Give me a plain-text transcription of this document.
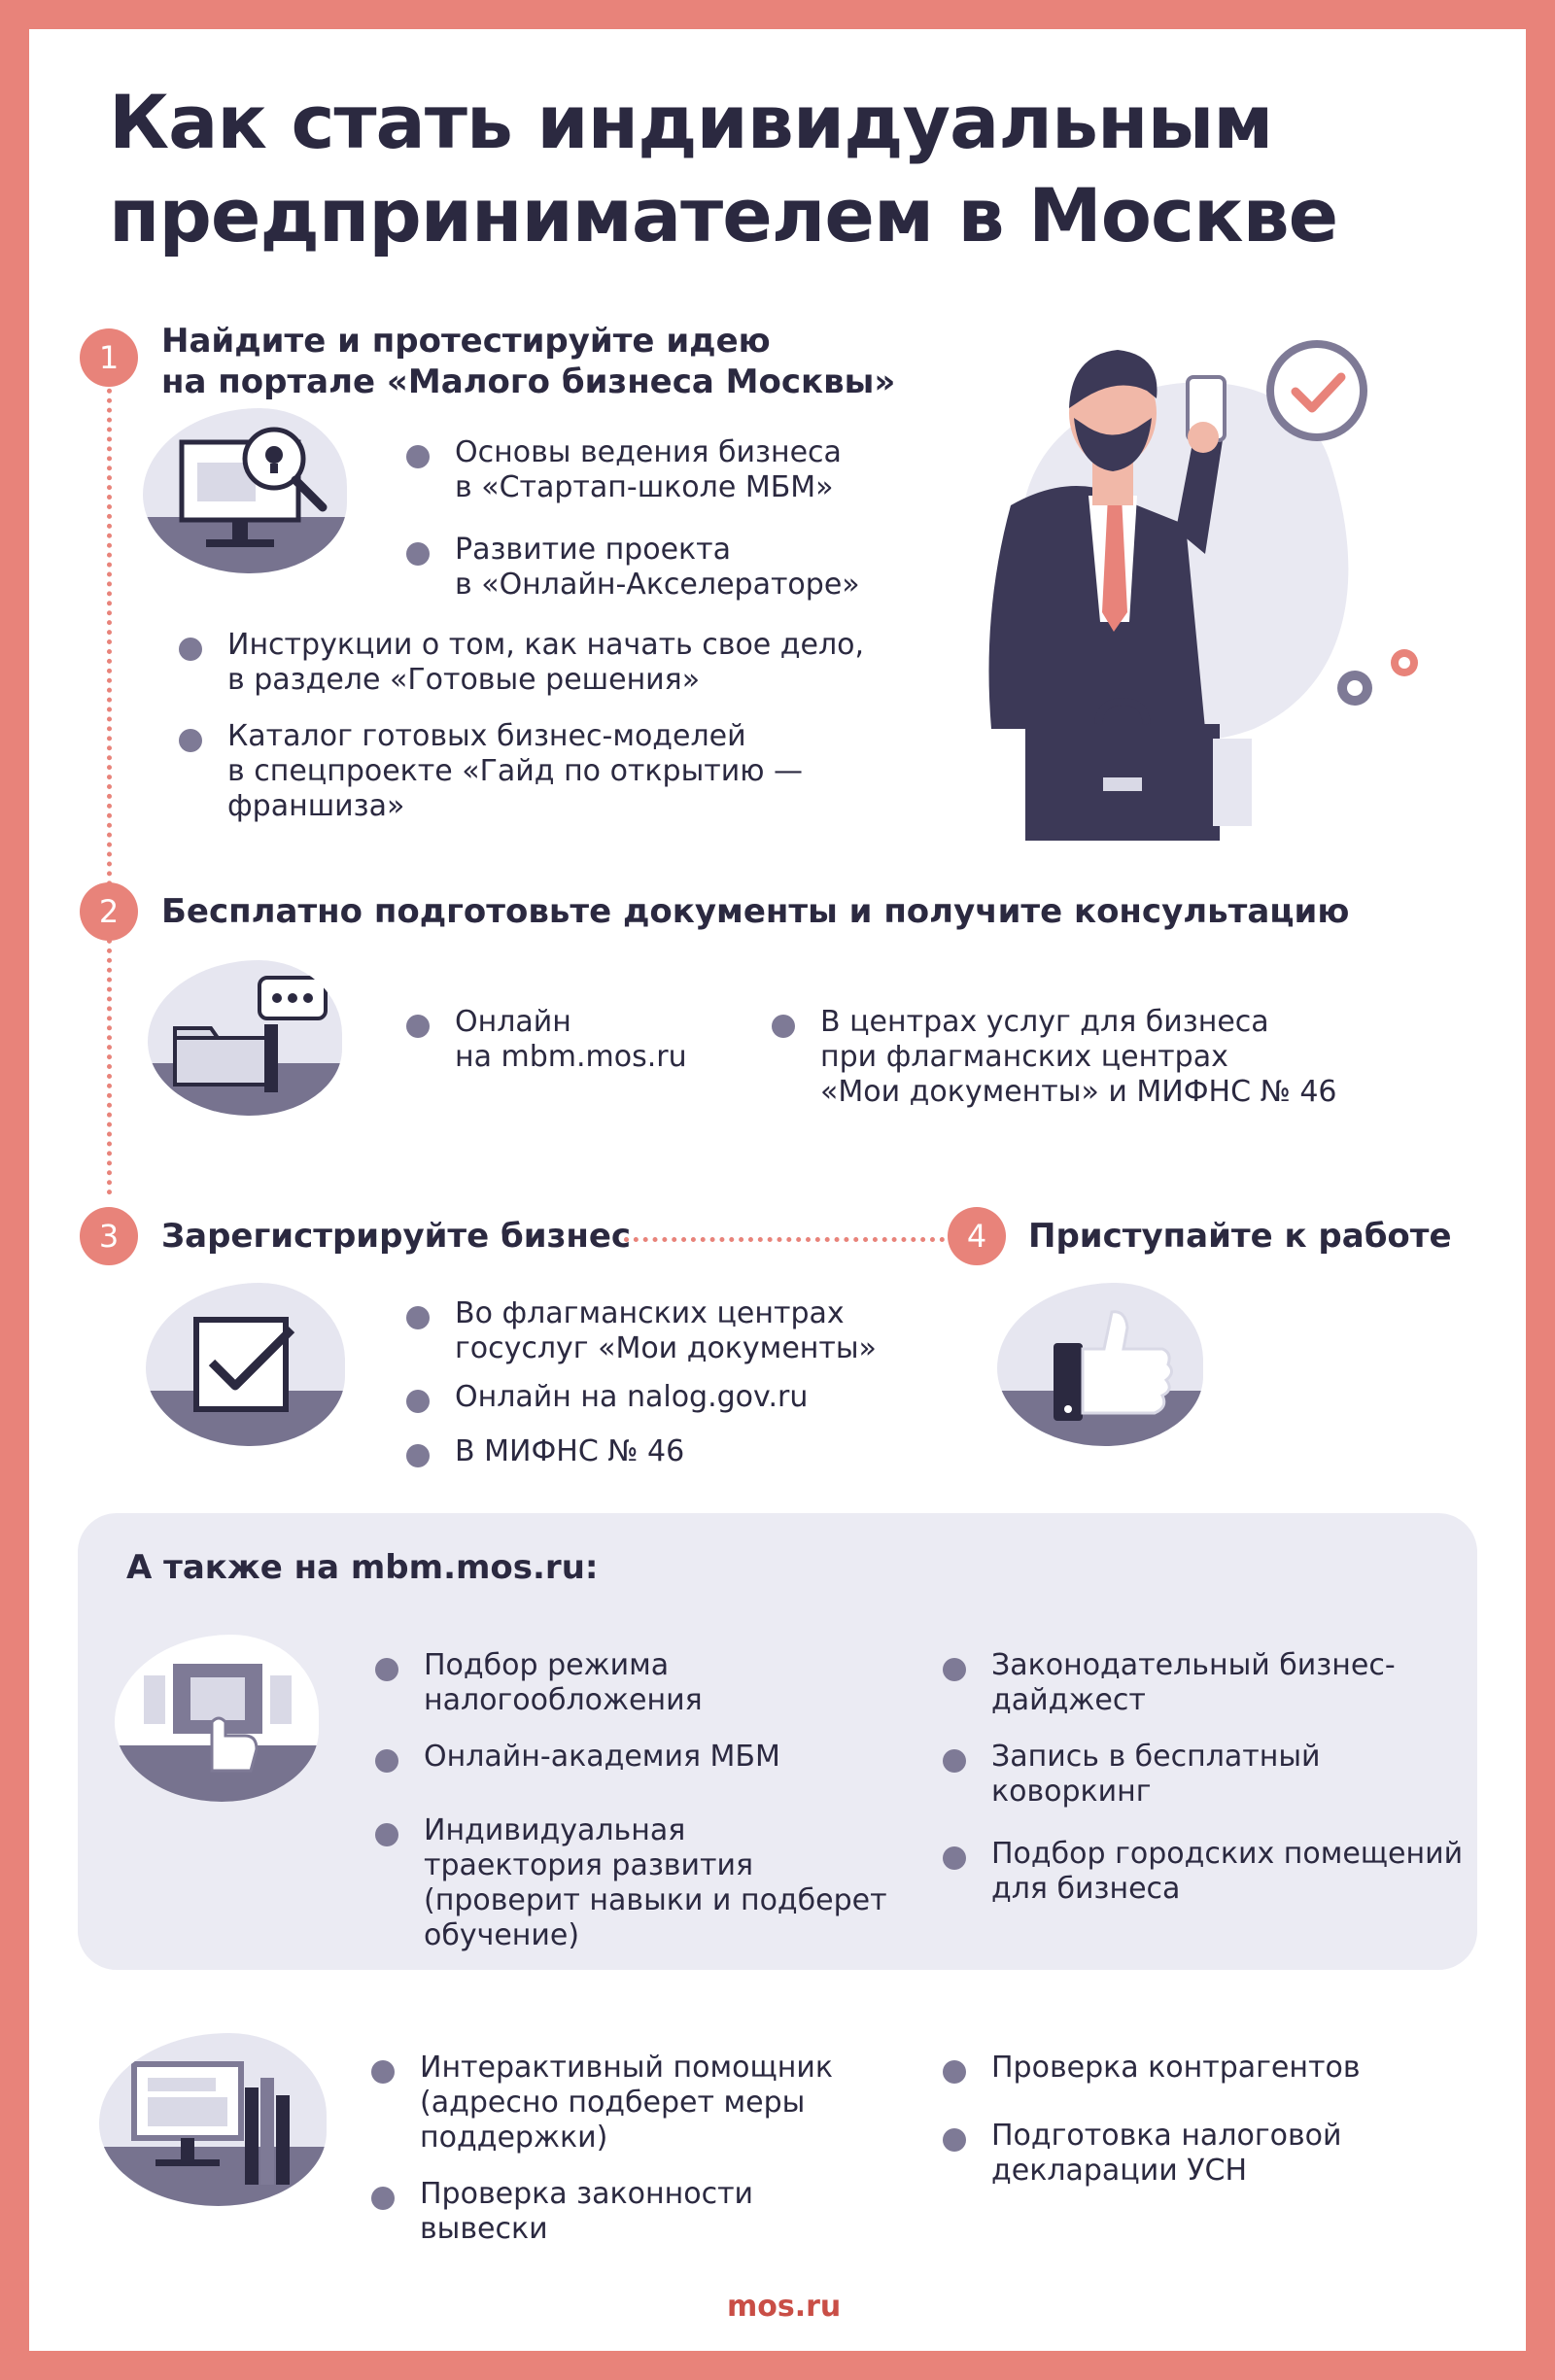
Как стать индивидуальным
предпринимателем в Москве
1	Найдите и протестируйте идею
на портале «Малого бизнеса Москвы»
Основы ведения бизнеса
в «Стартап-школе МБМ»
Развитие проекта
в «Онлайн-Акселераторе»
Инструкции о том, как начать свое дело,
в разделе «Готовые решения»
Каталог готовых бизнес-моделей
в спецпроекте «Гайд по открытию —
франшиза»
2	Бесплатно подготовьте документы и получите консультацию
Онлайн
на mbm.mos.ru
В центрах услуг для бизнеса
при флагманских центрах
«Мои документы» и МИФНС № 46
3	Зарегистрируйте бизнес
Во флагманских центрах
госуслуг «Мои документы»
Онлайн на nalog.gov.ru
В МИФНС № 46
4	Приступайте к работе
А также на mbm.mos.ru:
Подбор режима
налогообложения
Онлайн-академия МБМ
Индивидуальная
траектория развития
(проверит навыки и подберет
обучение)
Законодательный бизнес-
дайджест
Запись в бесплатный
коворкинг
Подбор городских помещений
для бизнеса
Интерактивный помощник
(адресно подберет меры
поддержки)
Проверка законности
вывески
Проверка контрагентов
Подготовка налоговой
декларации УСН
mos.ru
